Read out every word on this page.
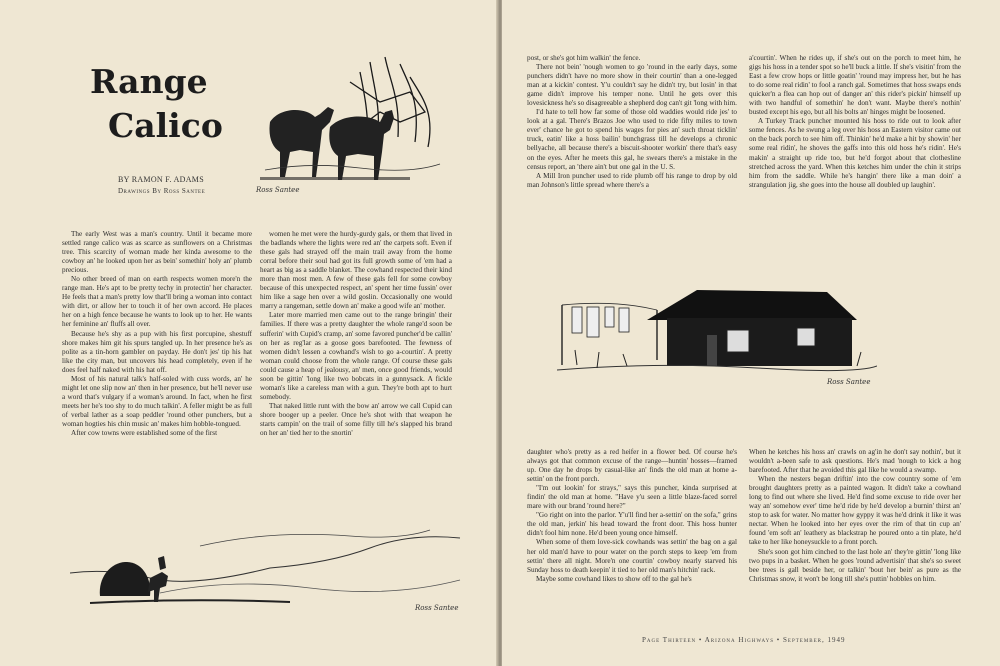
Range
Calico
BY RAMON F. ADAMS
Drawings By Ross Santee	Ross Santee

The early West was a man's country. Until it became more settled range calico was as scarce as sunflowers on a Christmas tree. This scarcity of woman made her kinda awesome to the cowboy an' he looked upon her as bein' somethin' holy an' plumb precious.

No other breed of man on earth respects women more'n the range man. He's apt to be pretty techy in protectin' her character. He feels that a man's pretty low that'll bring a woman into contact with dirt, or allow her to touch it of her own accord. He places her on a high fence because he wants to look up to her. He wants her feminine an' fluffs all over.

Because he's shy as a pup with his first porcupine, shestuff shore makes him git his spurs tangled up. In her presence he's as polite as a tin-horn gambler on payday. He don't jes' tip his hat like the city man, but uncovers his head completely, even if he does feel half naked with his hat off.

Most of his natural talk's half-soled with cuss words, an' he might let one slip now an' then in her presence, but he'll never use a word that's vulgary if a woman's around. In fact, when he first meets her he's too shy to do much talkin'. A feller might be as full of verbal lather as a soap peddler 'round other punchers, but a woman hogties his chin music an' makes him hobble-tongued.

After cow towns were established some of the first

women he met were the hurdy-gurdy gals, or them that lived in the badlands where the lights were red an' the carpets soft. Even if these gals had strayed off the main trail away from the home corral before their soul had got its full growth some of 'em had a heart as big as a saddle blanket. The cowhand respected their kind more than most men. A few of these gals fell for some cowboy because of this unexpected respect, an' spent her time fussin' over him like a sage hen over a wild goslin. Occasionally one would marry a rangeman, settle down an' make a good wife an' mother.

Later more married men came out to the range bringin' their families. If there was a pretty daughter the whole range'd soon be sufferin' with Cupid's cramp, an' some favored puncher'd be callin' on her as reg'lar as a goose goes barefooted. The fewness of women didn't lessen a cowhand's wish to go a-courtin'. A pretty woman could choose from the whole range. Of course these gals could cause a heap of jealousy, an' men, once good friends, would soon be gittin' 'long like two bobcats in a gunnysack. A fickle woman's like a careless man with a gun. They're both apt to hurt somebody.

That naked little runt with the bow an' arrow we call Cupid can shore booger up a peeler. Once he's shot with that weapon he starts campin' on the trail of some filly till he's slapped his brand on her an' tied her to the snortin'

Ross Santee

post, or she's got him walkin' the fence.

There not bein' 'nough women to go 'round in the early days, some punchers didn't have no more show in their courtin' than a one-legged man at a kickin' contest. Y'u couldn't say he didn't try, but losin' in that game didn't improve his temper none. Until he gets over this lovesickness he's so disagreeable a shepherd dog can't git 'long with him.

I'd hate to tell how far some of those old waddies would ride jes' to look at a gal. There's Brazos Joe who used to ride fifty miles to town ever' chance he got to spend his wages for pies an' such throat ticklin' truck, eatin' like a hoss bailin' bunchgrass till he develops a chronic bellyache, all because there's a biscuit-shooter workin' there that's easy on the eyes. After he meets this gal, he swears there's a mistake in the census report, an 'there ain't but one gal in the U. S.

A Mill Iron puncher used to ride plumb off his range to drop by old man Johnson's little spread where there's a

a'courtin'. When he rides up, if she's out on the porch to meet him, he gigs his hoss in a tender spot so he'll buck a little. If she's visitin' from the East a few crow hops or little goatin' 'round may impress her, but he has to do some real ridin' to fool a ranch gal. Sometimes that hoss swaps ends quicker'n a flea can hop out of danger an' this rider's pickin' himself up with two handful of somethin' he don't want. Maybe there's nothin' busted except his ego, but all his bolts an' hinges might be loosened.

A Turkey Track puncher mounted his hoss to ride out to look after some fences. As he swung a leg over his hoss an Eastern visitor came out on the back porch to see him off. Thinkin' he'd make a hit by showin' her some real ridin', he shoves the gaffs into this old hoss he's ridin'. He's makin' a straight up ride too, but he'd forgot about that clothesline stretched across the yard. When this ketches him under the chin it strips him from the saddle. While he's hangin' there like a man doin' a strangulation jig, she goes into the house all doubled up laughin'.

Ross Santee

daughter who's pretty as a red heifer in a flower bed. Of course he's always got that common excuse of the range—huntin' hosses—framed up. One day he drops by casual-like an' finds the old man at home a-settin' on the front porch.

"I'm out lookin' for strays," says this puncher, kinda surprised at findin' the old man at home. "Have y'u seen a little blaze-faced sorrel mare with our brand 'round here?"

"Go right on into the parlor. Y'u'll find her a-settin' on the sofa," grins the old man, jerkin' his head toward the front door. This hoss hunter didn't fool him none. He'd been young once himself.

When some of them love-sick cowhands was settin' the bag on a gal her old man'd have to pour water on the porch steps to keep 'em from settin' there all night. More'n one courtin' cowboy nearly starved his Sunday hoss to death keepin' it tied to her old man's hitchin' rack.

Maybe some cowhand likes to show off to the gal he's

When he ketches his hoss an' crawls on ag'in he don't say nothin', but it wouldn't a-been safe to ask questions. He's mad 'nough to kick a hog barefooted. After that he avoided this gal like he would a swamp.

When the nesters began driftin' into the cow country some of 'em brought daughters pretty as a painted wagon. It didn't take a cowhand long to find out where she lived. He'd find some excuse to ride over her way an' somehow ever' time he'd ride by he'd develop a burnin' thirst an' stop to ask for water. No matter how gyppy it was he'd drink it like it was nectar. When he looked into her eyes over the rim of that tin cup an' found 'em soft an' leathery as blackstrap he poured onto a tin plate, he'd take to her like honeysuckle to a front porch.

She's soon got him cinched to the last hole an' they're gittin' 'long like two pups in a basket. When he goes 'round advertisin' that she's so sweet bee trees is gall beside her, or talkin' 'bout her bein' as pure as the Christmas snow, it won't be long till she's puttin' hobbles on him.

Page Thirteen • Arizona Highways • September, 1949
